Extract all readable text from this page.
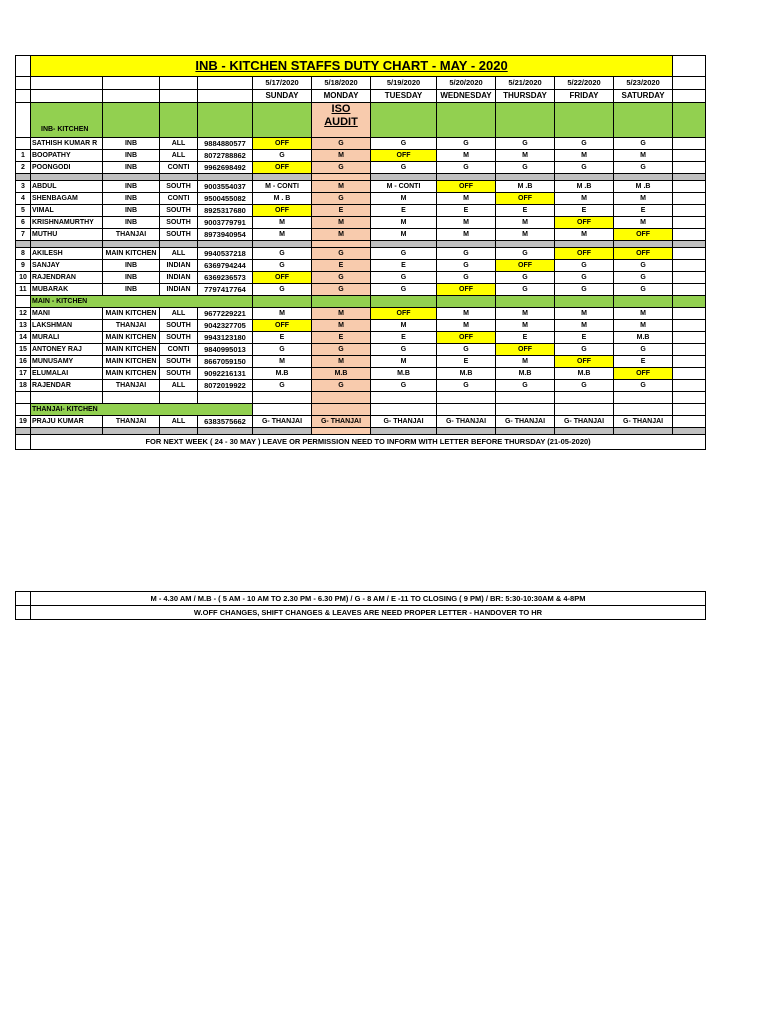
	INB - KITCHEN STAFFS DUTY CHART - MAY - 2020												
					5/17/2020	5/18/2020	5/19/2020	5/20/2020	5/21/2020	5/22/2020	5/23/2020		
					SUNDAY	MONDAY	TUESDAY	WEDNESDAY	THURSDAY	FRIDAY	SATURDAY		
	INB- KITCHEN					ISO
AUDIT							

	SATHISH KUMAR R	INB	ALL	9884880577	OFF	G	G	G	G	G	G		
1	BOOPATHY	INB	ALL	8072788862	G	M	OFF	M	M	M	M		
2	POONGODI	INB	CONTI	9962698492	OFF	G	G	G	G	G	G		

3	ABDUL	INB	SOUTH	9003554037	M - CONTI	M	M - CONTI	OFF	M .B	M .B	M .B		
4	SHENBAGAM	INB	CONTI	9500455082	M . B	G	M	M	OFF	M	M		
5	VIMAL	INB	SOUTH	8925317680	OFF	E	E	E	E	E	E		
6	KRISHNAMURTHY	INB	SOUTH	9003779791	M	M	M	M	M	OFF	M		
7	MUTHU	THANJAI	SOUTH	8973940954	M	M	M	M	M	M	OFF		

8	AKILESH	MAIN KITCHEN	ALL	9940537218	G	G	G	G	G	OFF	OFF		
9	SANJAY	INB	INDIAN	6369794244	G	E	E	G	OFF	G	G		
10	RAJENDRAN	INB	INDIAN	6369236573	OFF	G	G	G	G	G	G		
11	MUBARAK	INB	INDIAN	7797417764	G	G	G	OFF	G	G	G		
	MAIN - KITCHEN												
12	MANI	MAIN KITCHEN	ALL	9677229221	M	M	OFF	M	M	M	M		
13	LAKSHMAN	THANJAI	SOUTH	9042327705	OFF	M	M	M	M	M	M		
14	MURALI	MAIN KITCHEN	SOUTH	9943123180	E	E	E	OFF	E	E	M.B		
15	ANTONEY RAJ	MAIN KITCHEN	CONTI	9840995013	G	G	G	G	OFF	G	G		
16	MUNUSAMY	MAIN KITCHEN	SOUTH	8667059150	M	M	M	E	M	OFF	E		
17	ELUMALAI	MAIN KITCHEN	SOUTH	9092216131	M.B	M.B	M.B	M.B	M.B	M.B	OFF		
18	RAJENDAR	THANJAI	ALL	8072019922	G	G	G	G	G	G	G		

	THANJAI- KITCHEN												
19	PRAJU KUMAR	THANJAI	ALL	6383575662	G- THANJAI	G- THANJAI	G- THANJAI	G- THANJAI	G- THANJAI	G- THANJAI	G- THANJAI		

	FOR NEXT WEEK ( 24 - 30 MAY ) LEAVE OR PERMISSION NEED TO INFORM WITH LETTER BEFORE THURSDAY (21-05-2020)												
	M - 4.30 AM / M.B - ( 5 AM - 10 AM TO 2.30 PM - 6.30 PM) / G - 8 AM / E -11 TO CLOSING ( 9 PM) / BR: 5:30-10:30AM & 4-8PM
	W.OFF CHANGES, SHIFT CHANGES & LEAVES ARE NEED PROPER LETTER - HANDOVER TO HR
